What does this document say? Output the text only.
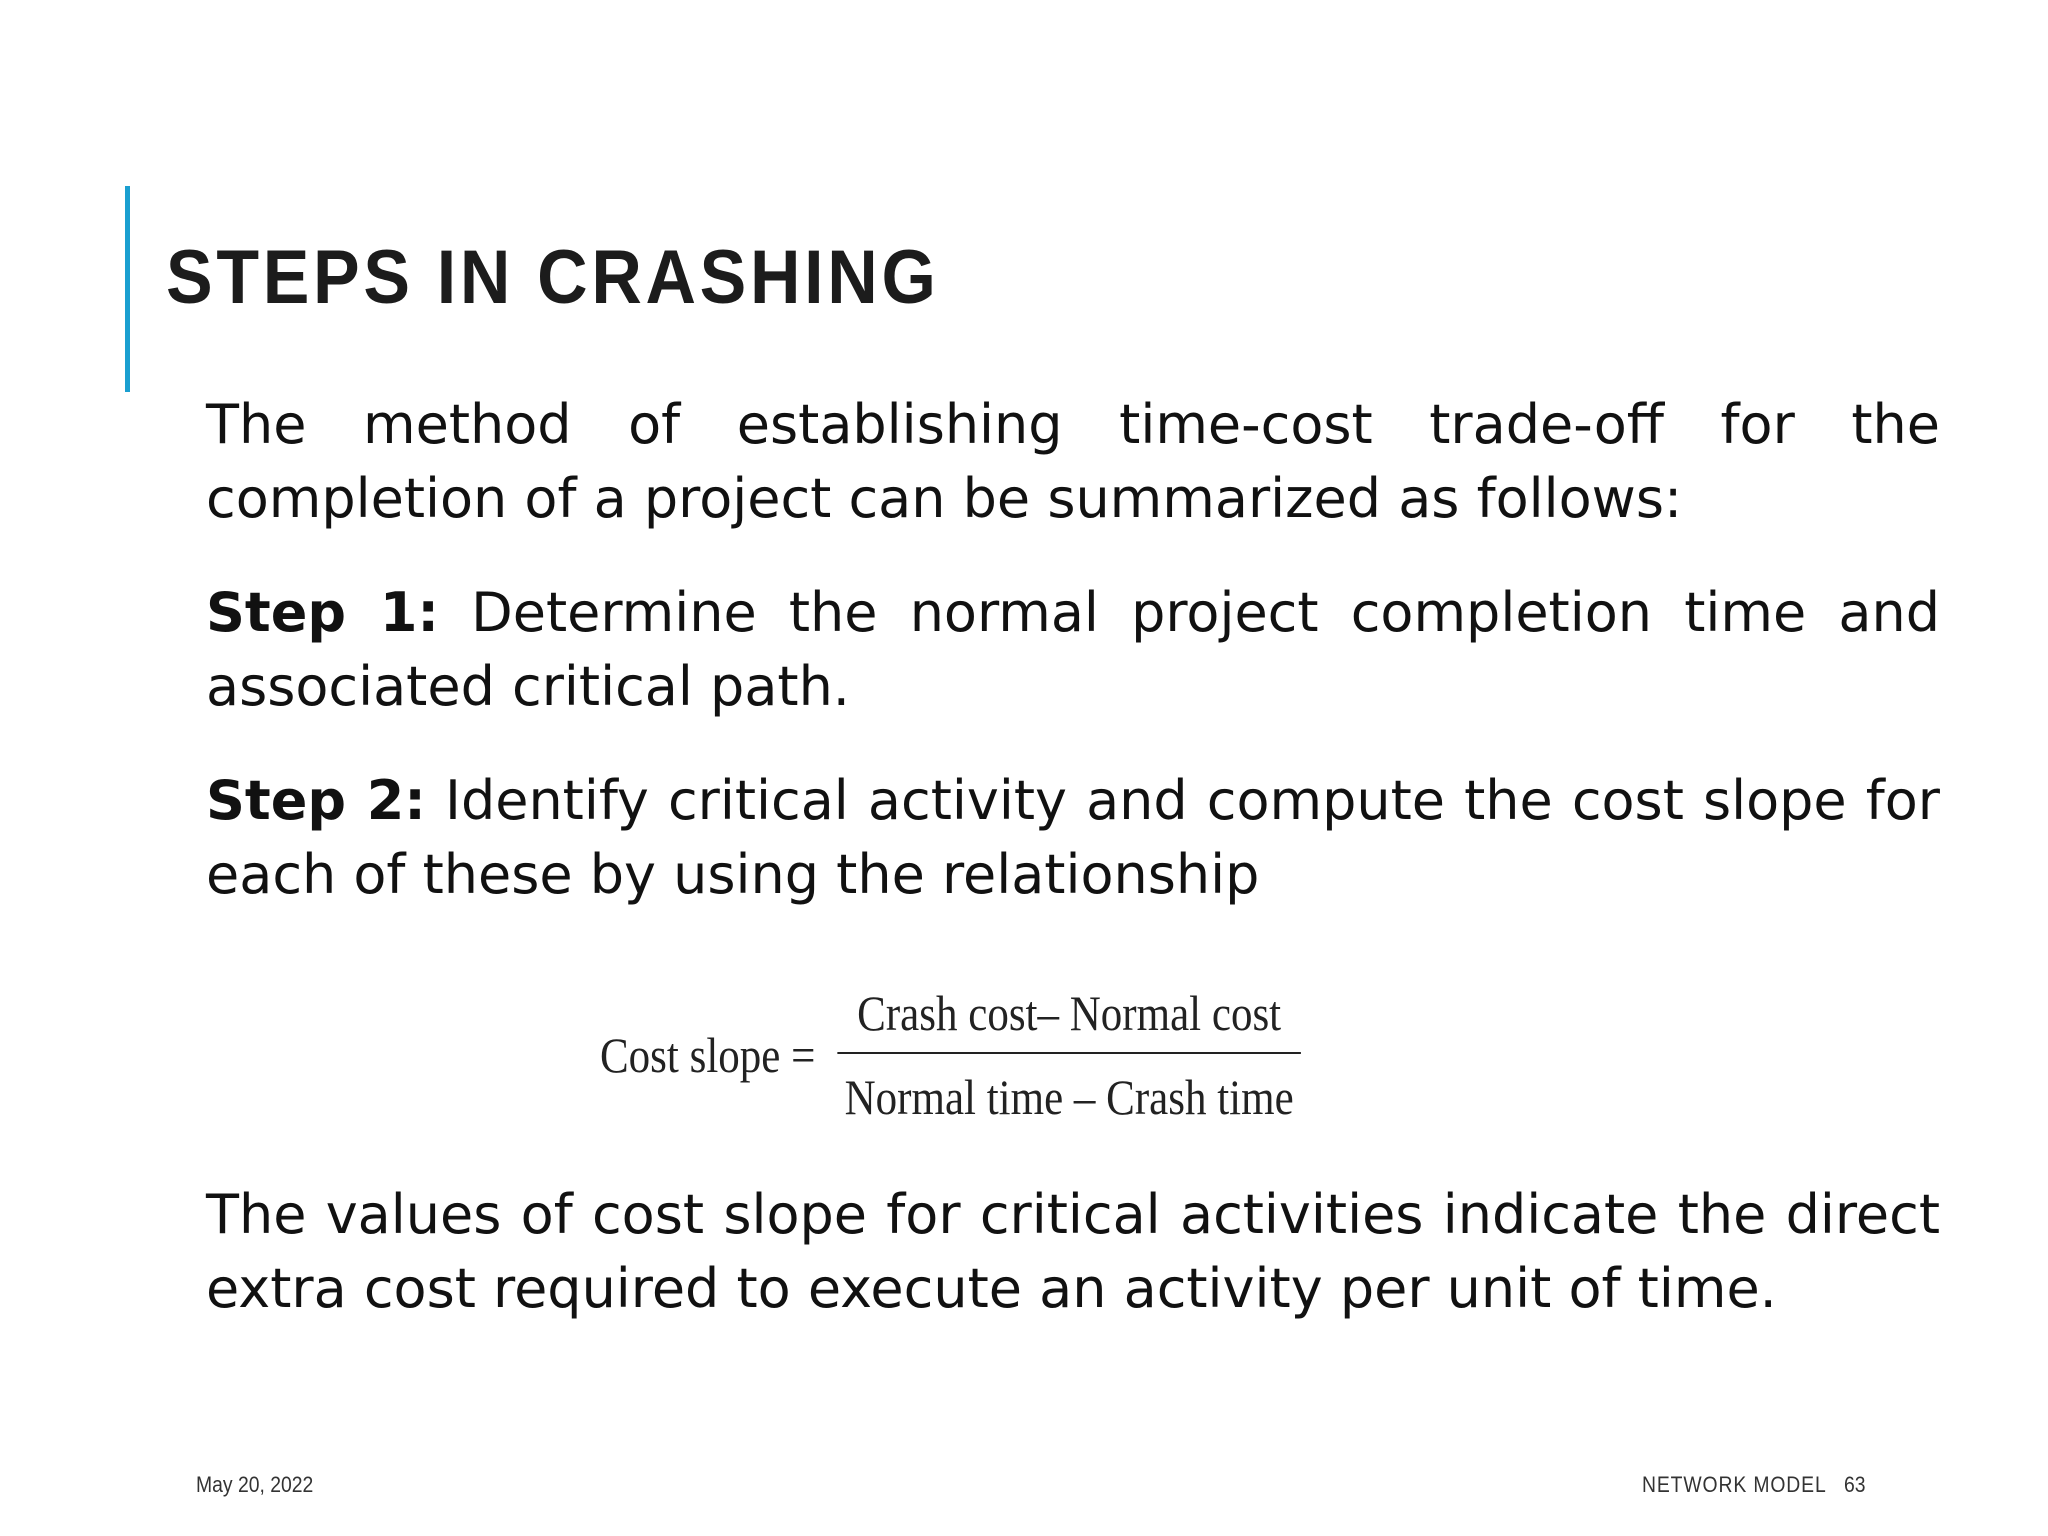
STEPS IN CRASHING

The method of establishing time-cost trade-off for the completion of a project can be summarized as follows:

Step 1: Determine the normal project completion time and associated critical path.

Step 2: Identify critical activity and compute the cost slope for each of these by using the relationship

Cost slope = $\frac{\text{Crash cost– Normal cost}}{\text{Normal time – Crash time}}$

The values of cost slope for critical activities indicate the direct extra cost required to execute an activity per unit of time.

May 20, 2022	NETWORK MODEL 63
